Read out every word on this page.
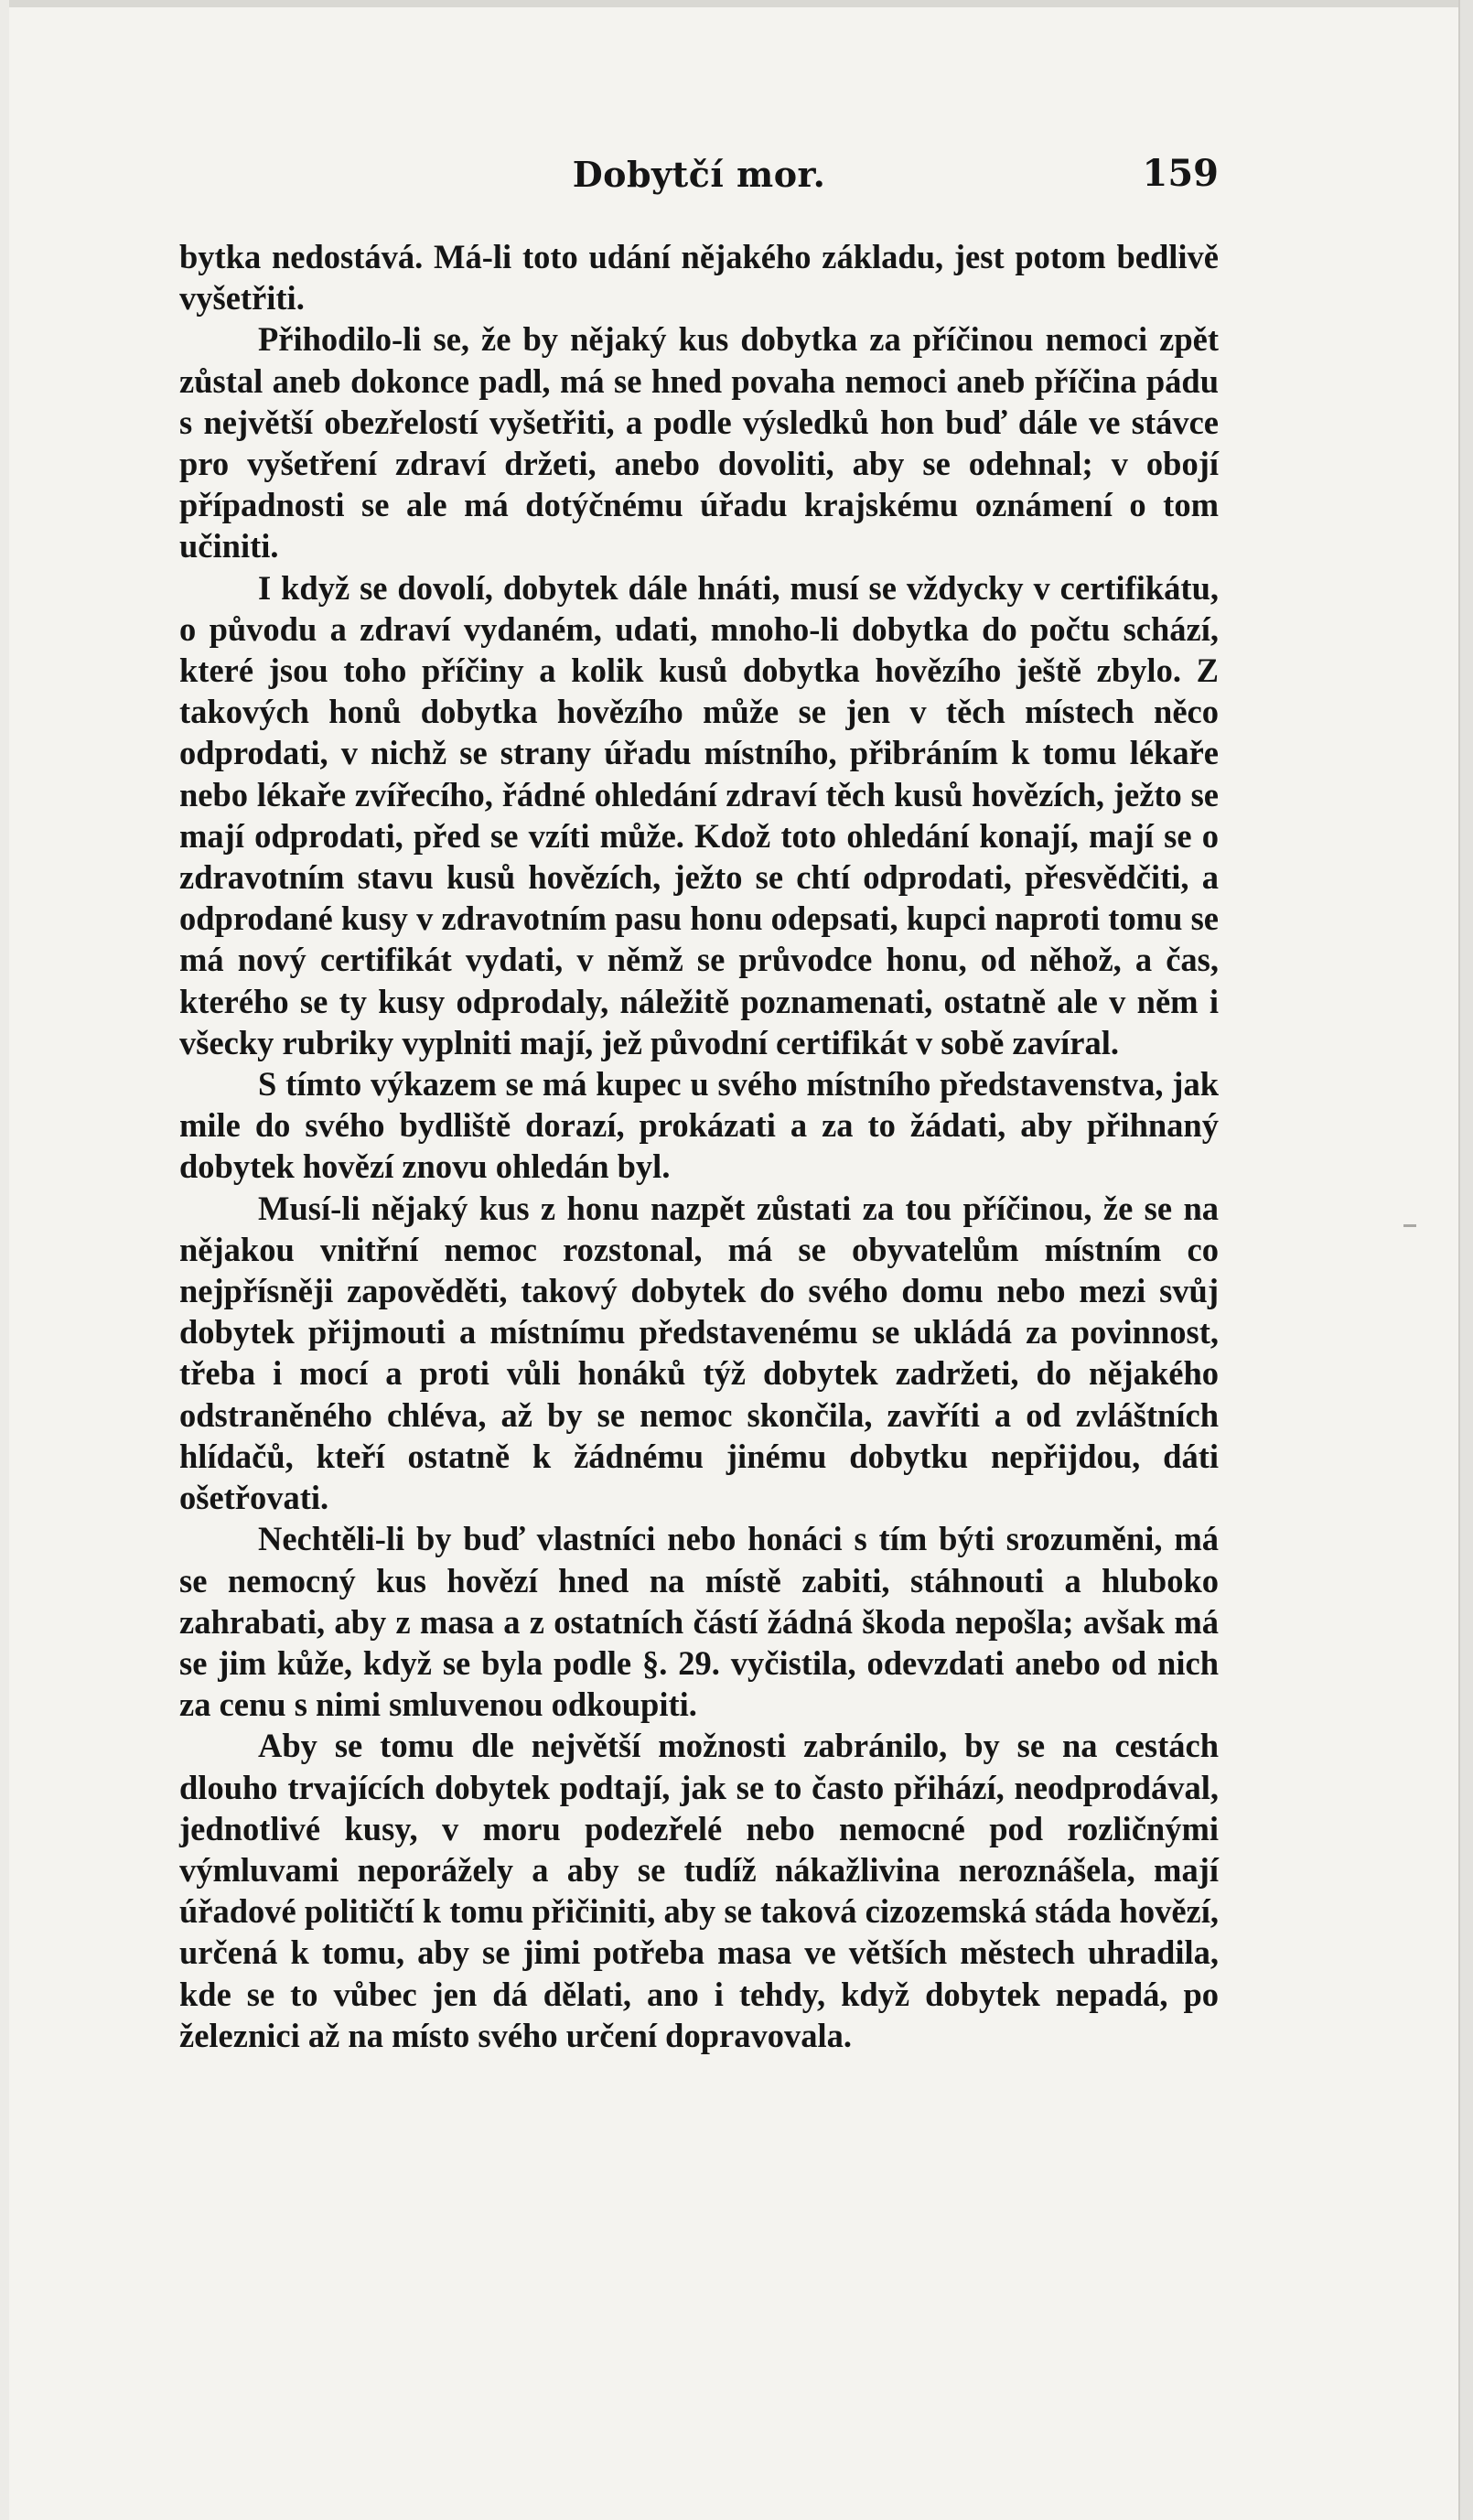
Dobytčí mor.	159

bytka nedostává. Má-li toto udání nějakého základu, jest potom bedlivě vyšetřiti.

Přihodilo-li se, že by nějaký kus dobytka za příčinou nemoci zpět zůstal aneb dokonce padl, má se hned povaha nemoci aneb příčina pádu s největší obezřelostí vyšetřiti, a podle výsledků hon buď dále ve stávce pro vyšetření zdraví držeti, anebo dovoliti, aby se odehnal; v obojí případnosti se ale má dotýčnému úřadu krajskému oznámení o tom učiniti.

I když se dovolí, dobytek dále hnáti, musí se vždycky v certifikátu, o původu a zdraví vydaném, udati, mnoho-li dobytka do počtu schází, které jsou toho příčiny a kolik kusů dobytka hovězího ještě zbylo. Z takových honů dobytka hovězího může se jen v těch místech něco odprodati, v nichž se strany úřadu místního, přibráním k tomu lékaře nebo lékaře zvířecího, řádné ohledání zdraví těch kusů hovězích, ježto se mají odprodati, před se vzíti může. Kdož toto ohledání konají, mají se o zdravotním stavu kusů hovězích, ježto se chtí odprodati, přesvědčiti, a odprodané kusy v zdravotním pasu honu odepsati, kupci naproti tomu se má nový certifikát vydati, v němž se průvodce honu, od něhož, a čas, kterého se ty kusy odprodaly, náležitě poznamenati, ostatně ale v něm i všecky rubriky vyplniti mají, jež původní certifikát v sobě zavíral.

S tímto výkazem se má kupec u svého místního představenstva, jak mile do svého bydliště dorazí, prokázati a za to žádati, aby přihnaný dobytek hovězí znovu ohledán byl.

Musí-li nějaký kus z honu nazpět zůstati za tou příčinou, že se na nějakou vnitřní nemoc rozstonal, má se obyvatelům místním co nejpřísněji zapověděti, takový dobytek do svého domu nebo mezi svůj dobytek přijmouti a místnímu představenému se ukládá za povinnost, třeba i mocí a proti vůli honáků týž dobytek zadržeti, do nějakého odstraněného chléva, až by se nemoc skončila, zavříti a od zvláštních hlídačů, kteří ostatně k žádnému jinému dobytku nepřijdou, dáti ošetřovati.

Nechtěli-li by buď vlastníci nebo honáci s tím býti srozuměni, má se nemocný kus hovězí hned na místě zabiti, stáhnouti a hluboko zahrabati, aby z masa a z ostatních částí žádná škoda nepošla; avšak má se jim kůže, když se byla podle §. 29. vyčistila, odevzdati anebo od nich za cenu s nimi smluvenou odkoupiti.

Aby se tomu dle největší možnosti zabránilo, by se na cestách dlouho trvajících dobytek podtají, jak se to často přihází, neodprodával, jednotlivé kusy, v moru podezřelé nebo nemocné pod rozličnými výmluvami neporážely a aby se tudíž nákažlivina neroznášela, mají úřadové političtí k tomu přičiniti, aby se taková cizozemská stáda hovězí, určená k tomu, aby se jimi potřeba masa ve větších městech uhradila, kde se to vůbec jen dá dělati, ano i tehdy, když dobytek nepadá, po železnici až na místo svého určení dopravovala.
